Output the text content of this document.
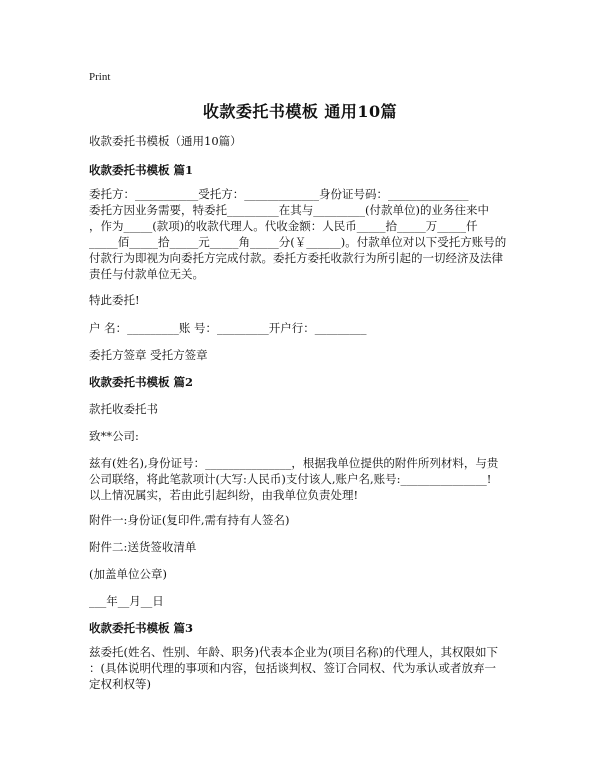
Print
收款委托书模板 通用10篇
收款委托书模板（通用10篇）
收款委托书模板 篇1
委托方：___________受托方：_____________身份证号码：______________
委托方因业务需要，特委托_________在其与_________(付款单位)的业务往来中
，作为_____(款项)的收款代理人。代收金额：人民币_____拾_____万_____仟
_____佰_____拾_____元_____角_____分(￥______)。付款单位对以下受托方账号的
付款行为即视为向委托方完成付款。委托方委托收款行为所引起的一切经济及法律
责任与付款单位无关。
特此委托!
户 名：_________账 号：_________开户行：_________
委托方签章 受托方签章
收款委托书模板 篇2
款托收委托书
致**公司:
兹有(姓名),身份证号：_______________，根据我单位提供的附件所列材料，与贵
公司联络，将此笔款项计(大写:人民币)支付该人,账户名,账号:_______________!
以上情况属实，若由此引起纠纷，由我单位负责处理!
附件一:身份证(复印件,需有持有人签名)
附件二:送货签收清单
(加盖单位公章)
___年__月__日
收款委托书模板 篇3
兹委托(姓名、性别、年龄、职务)代表本企业为(项目名称)的代理人，其权限如下
：(具体说明代理的事项和内容，包括谈判权、签订合同权、代为承认或者放弃一
定权利权等)
